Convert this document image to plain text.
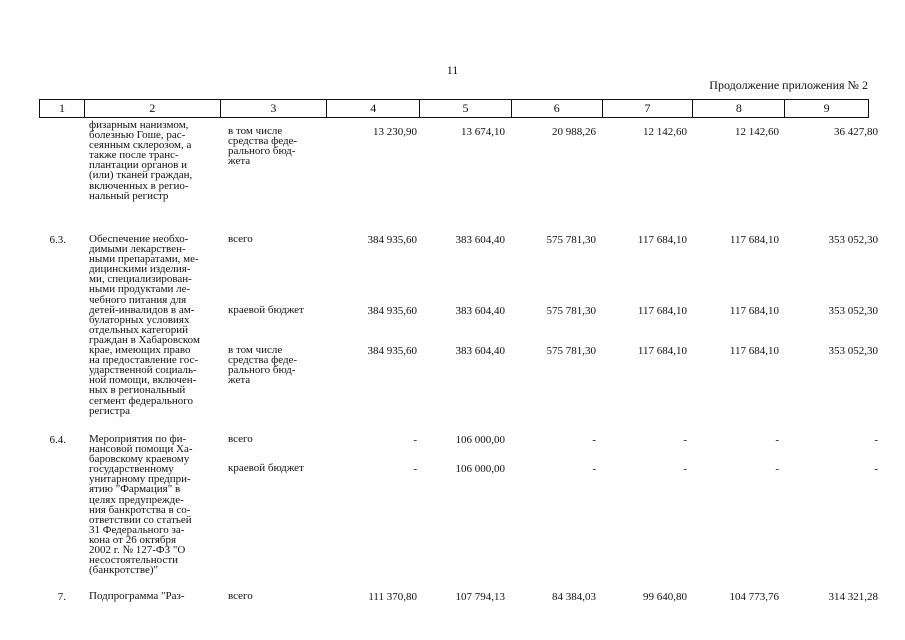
11
Продолжение приложения № 2
1	2	3	4	5	6	7	8	9
физарным нанизмом,
болезнью Гоше, рас-
сеянным склерозом, а
также после транс-
плантации органов и
(или) тканей граждан,
включенных в регио-
нальный регистр
в том числе
средства феде-
рального бюд-
жета
13 230,90	13 674,10	20 988,26	12 142,60	12 142,60	36 427,80
6.3. Обеспечение необхо-
димыми лекарствен-
ными препаратами, ме-
дицинскими изделия-
ми, специализирован-
ными продуктами ле-
чебного питания для
детей-инвалидов в ам-
булаторных условиях
отдельных категорий
граждан в Хабаровском
крае, имеющих право
на предоставление гос-
ударственной социаль-
ной помощи, включен-
ных в региональный
сегмент федерального
регистра
всего	384 935,60	383 604,40	575 781,30	117 684,10	117 684,10	353 052,30
краевой бюджет	384 935,60	383 604,40	575 781,30	117 684,10	117 684,10	353 052,30
в том числе
средства феде-
рального бюд-
жета
384 935,60	383 604,40	575 781,30	117 684,10	117 684,10	353 052,30
6.4. Мероприятия по фи-
нансовой помощи Ха-
баровскому краевому
государственному
унитарному предпри-
ятию "Фармация" в
целях предупрежде-
ния банкротства в со-
ответствии со статьей
31 Федерального за-
кона от 26 октября
2002 г. № 127-ФЗ "О
несостоятельности
(банкротстве)"
всего	-	106 000,00	-	-	-	-
краевой бюджет	-	106 000,00	-	-	-	-
7. Подпрограмма "Раз-	всего	111 370,80	107 794,13	84 384,03	99 640,80	104 773,76	314 321,28
